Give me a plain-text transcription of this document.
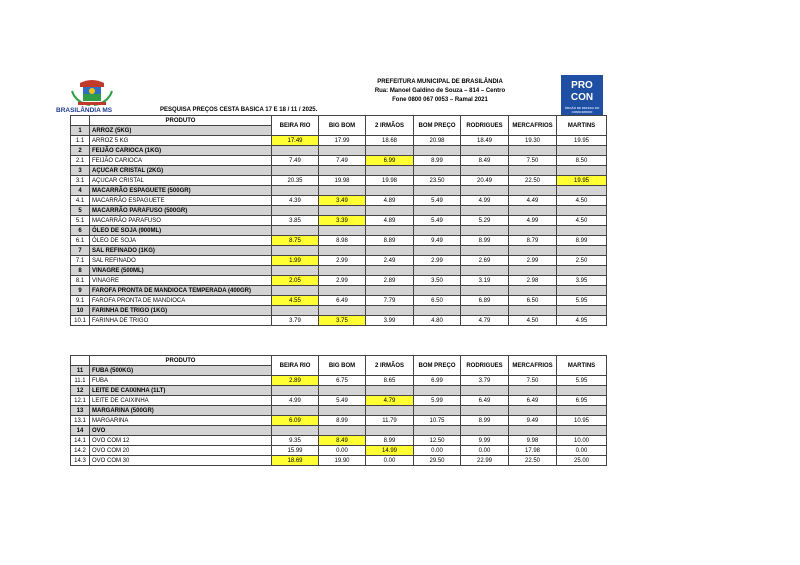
BRASILÂNDIA MS
PREFEITURA MUNICIPAL DE BRASILÂNDIA
Rua: Manoel Galdino de Souza – 814 – Centro
Fone 0800 067 0053 – Ramal 2021
PRO
CON
ÓRGÃO DE DEFESA DO CONSUMIDOR
PESQUISA PREÇOS CESTA BASICA 17 E 18 / 11 / 2025.
	PRODUTO	BEIRA RIO	BIG BOM	2 IRMÃOS	BOM PREÇO	RODRIGUES	MERCAFRIOS	MARTINS
1	ARROZ (5KG)							
1.1	ARROZ 5 KG	17.49	17.99	18.68	20.98	18.49	19.30	19.95
2	FEIJÃO CARIOCA (1KG)							
2.1	FEIJÃO CARIOCA	7.49	7.49	6.99	8.99	8.49	7.50	8.50
3	AÇUCAR CRISTAL (2KG)							
3.1	AÇUCAR CRISTAL	20.35	19.98	19.98	23.50	20.49	22.50	19.95
4	MACARRÃO ESPAGUETE (500GR)							
4.1	MACARRÃO ESPAGUETE	4.39	3.49	4.89	5.49	4.99	4.49	4.50
5	MACARRÃO PARAFUSO (500GR)							
5.1	MACARRÃO PARAFUSO	3.85	3.39	4.89	5.49	5.29	4.99	4.50
6	ÓLEO DE SOJA (900ML)							
6.1	ÓLEO DE SOJA	8.75	8.98	8.89	9.49	8.99	8.79	8.99
7	SAL REFINADO (1KG)							
7.1	SAL REFINADO	1.99	2.99	2.49	2.99	2.69	2.99	2.50
8	VINAGRE (500ML)							
8.1	VINAGRE	2.05	2.99	2.89	3.50	3.19	2.98	3.95
9	FAROFA PRONTA DE MANDIOCA TEMPERADA (400GR)							
9.1	FAROFA PRONTA DE MANDIOCA	4.55	6.49	7.79	6.50	6.89	6.50	5.95
10	FARINHA DE TRIGO (1KG)							
10.1	FARINHA DE TRIGO	3.79	3.75	3.99	4.80	4.79	4.50	4.95
	PRODUTO	BEIRA RIO	BIG BOM	2 IRMÃOS	BOM PREÇO	RODRIGUES	MERCAFRIOS	MARTINS
11	FUBA (500KG)							
11.1	FUBA	2.89	6.75	8.65	6.99	3.79	7.50	5.95
12	LEITE DE CAIXINHA (1LT)							
12.1	LEITE DE CAIXINHA	4.99	5.49	4.79	5.99	6.49	6.49	6.95
13	MARGARINA (500GR)							
13.1	MARGARINA	6.09	8.99	11.79	10.75	8.99	9.49	10.95
14	OVO							
14.1	OVO COM 12	9.35	8.49	8.99	12.50	9.99	9.98	10.00
14.2	OVO COM 20	15.99	0.00	14.99	0.00	0.00	17.98	0.00
14.3	OVO COM 30	18.69	19.90	0.00	29.50	22.99	22.50	25.00
